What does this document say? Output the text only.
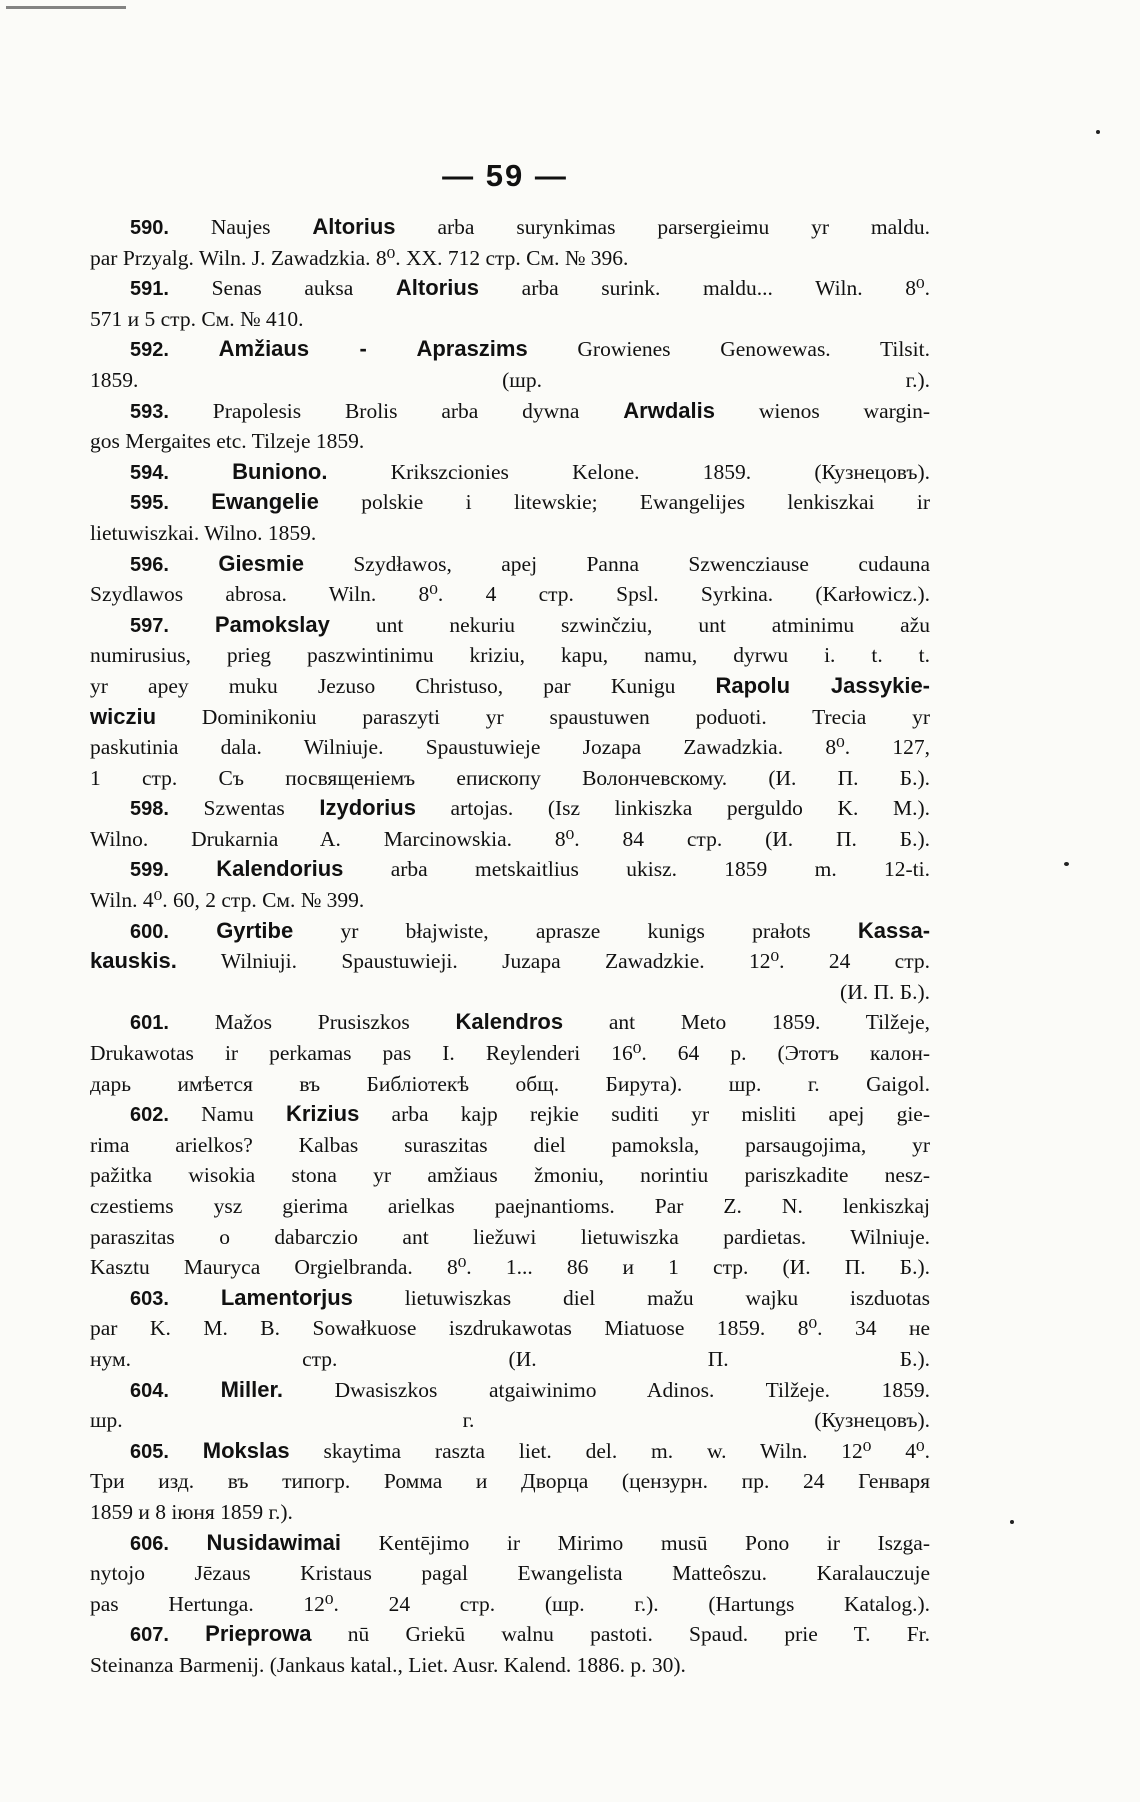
— 59 —
590. Naujes Altorius arba surynkimas parsergieimu yr maldu.
par Przyalg. Wiln. J. Zawadzkia. 8⁰. XX. 712 стр. См. № 396.
591. Senas auksa Altorius arba surink. maldu... Wiln. 8⁰.
571 и 5 стр. См. № 410.
592. Amžiaus - Apraszims Growienes Genowewas. Tilsit.
1859.	(шр. г.).
593. Prapolesis Brolis arba dywna Arwdalis wienos wargin-
gos Mergaites etc. Tilzeje 1859.
594.	Buniono.	Krikszcionies Kelone. 1859.	(Кузнецовъ).
595. Ewangelie polskie i litewskie; Ewangelijes lenkiszkai ir
lietuwiszkai. Wilno. 1859.
596. Giesmie Szydławos, apej Panna Szwencziause cudauna
Szydlawos abrosa. Wiln. 8⁰. 4 стр. Spsl. Syrkina. (Karłowicz.).
597. Pamokslay unt nekuriu szwinčziu, unt atminimu ažu
numirusius, prieg paszwintinimu kriziu, kapu, namu, dyrwu i. t. t.
yr apey muku Jezuso Christuso, par Kunigu Rapolu Jassykie-
wicziu Dominikoniu paraszyti yr spaustuwen poduoti. Trecia yr
paskutinia dala. Wilniuje. Spaustuwieje Jozapa Zawadzkia. 8⁰. 127,
1 стр. Съ посвященіемъ епископу Волончевскому. (И. П. Б.).
598. Szwentas Izydorius artojas. (Isz linkiszka perguldo K. M.).
Wilno. Drukarnia A. Marcinowskia. 8⁰. 84 стр. (И. П. Б.).
599. Kalendorius arba metskaitlius ukisz. 1859 m. 12-ti.
Wiln. 4⁰. 60, 2 стр. См. № 399.
600. Gyrtibe yr błajwiste, aprasze kunigs prałots Kassa-
kauskis. Wilniuji. Spaustuwieji. Juzapa Zawadzkie. 12⁰. 24 стр.
(И. П. Б.).
601. Mažos Prusiszkos Kalendros ant Meto 1859. Tilžeje,
Drukawotas ir perkamas pas I. Reylenderi 16⁰. 64 р. (Этотъ калон-
дарь имѣется въ Библіотекѣ общ. Бирута). шр. г. Gaigol.
602. Namu Krizius arba kajp rejkie suditi yr misliti apej gie-
rima arielkos? Kalbas suraszitas diel pamoksla, parsaugojima, yr
pažitka wisokia stona yr amžiaus žmoniu, norintiu pariszkadite nesz-
czestiems ysz gierima arielkas paejnantioms. Par Z. N. lenkiszkaj
paraszitas o dabarczio ant liežuwi lietuwiszka pardietas. Wilniuje.
Kasztu Mauryca Orgielbranda. 8⁰. 1... 86 и 1 стр. (И. П. Б.).
603. Lamentorjus lietuwiszkas diel mažu wajku iszduotas
par K. M. B. Sowałkuose iszdrukawotas Miatuose 1859. 8⁰. 34 не
нум. стр.	(И. П. Б.).
604. Miller. Dwasiszkos atgaiwinimo Adinos. Tilžeje. 1859.
шр. г.	(Кузнецовъ).
605. Mokslas skaytima raszta liet. del. m. w. Wiln. 12⁰ 4⁰.
Три изд. въ типогр. Ромма и Дворца (цензурн. пр. 24 Генваря
1859 и 8 іюня 1859 г.).
606. Nusidawimai Kentējimo ir Mirimo musū Pono ir Iszga-
nytojo Jēzaus Kristaus pagal Ewangelista Matteôszu. Karalauczuje
pas Hertunga. 12⁰. 24 стр. (шр. г.). (Hartungs Katalog.).
607. Prieprowa nū Griekū walnu pastoti. Spaud. prie T. Fr.
Steinanza Barmenij. (Jankaus katal., Liet. Ausr. Kalend. 1886. p. 30).
